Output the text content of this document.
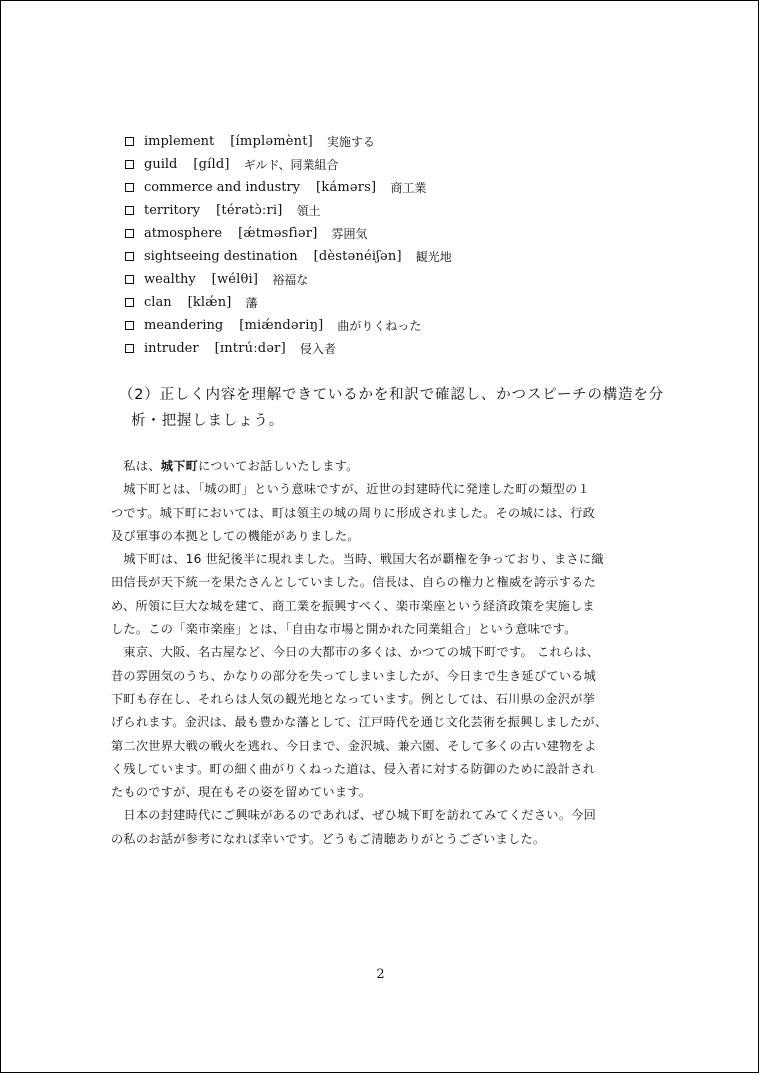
implement [ímpləmènt] 実施する
guild [gíld] ギルド、同業組合
commerce and industry [kámərs] 商工業
territory [térətɔ̀ːri] 領土
atmosphere [ǽtməsfìər] 雰囲気
sightseeing destination [dèstənéiʃən] 観光地
wealthy [wélθi] 裕福な
clan [klǽn] 藩
meandering [miǽndəriŋ] 曲がりくねった
intruder [ɪntrúːdər] 侵入者
（2）正しく内容を理解できているかを和訳で確認し、かつスピーチの構造を分
析・把握しましょう。
　私は、城下町についてお話しいたします。
　城下町とは、「城の町」という意味ですが、近世の封建時代に発達した町の類型の１
つです。城下町においては、町は領主の城の周りに形成されました。その城には、行政
及び軍事の本拠としての機能がありました。
　城下町は、16 世紀後半に現れました。当時、戦国大名が覇権を争っており、まさに織
田信長が天下統一を果たさんとしていました。信長は、自らの権力と権威を誇示するた
め、所領に巨大な城を建て、商工業を振興すべく、楽市楽座という経済政策を実施しま
した。この「楽市楽座」とは、「自由な市場と開かれた同業組合」という意味です。
　東京、大阪、名古屋など、今日の大都市の多くは、かつての城下町です。 これらは、
昔の雰囲気のうち、かなりの部分を失ってしまいましたが、今日まで生き延びている城
下町も存在し、それらは人気の観光地となっています。例としては、石川県の金沢が挙
げられます。金沢は、最も豊かな藩として、江戸時代を通じ文化芸術を振興しましたが、
第二次世界大戦の戦火を逃れ、今日まで、金沢城、兼六園、そして多くの古い建物をよ
く残しています。町の細く曲がりくねった道は、侵入者に対する防御のために設計され
たものですが、現在もその姿を留めています。
　日本の封建時代にご興味があるのであれば、ぜひ城下町を訪れてみてください。今回
の私のお話が参考になれば幸いです。どうもご清聴ありがとうございました。
2
